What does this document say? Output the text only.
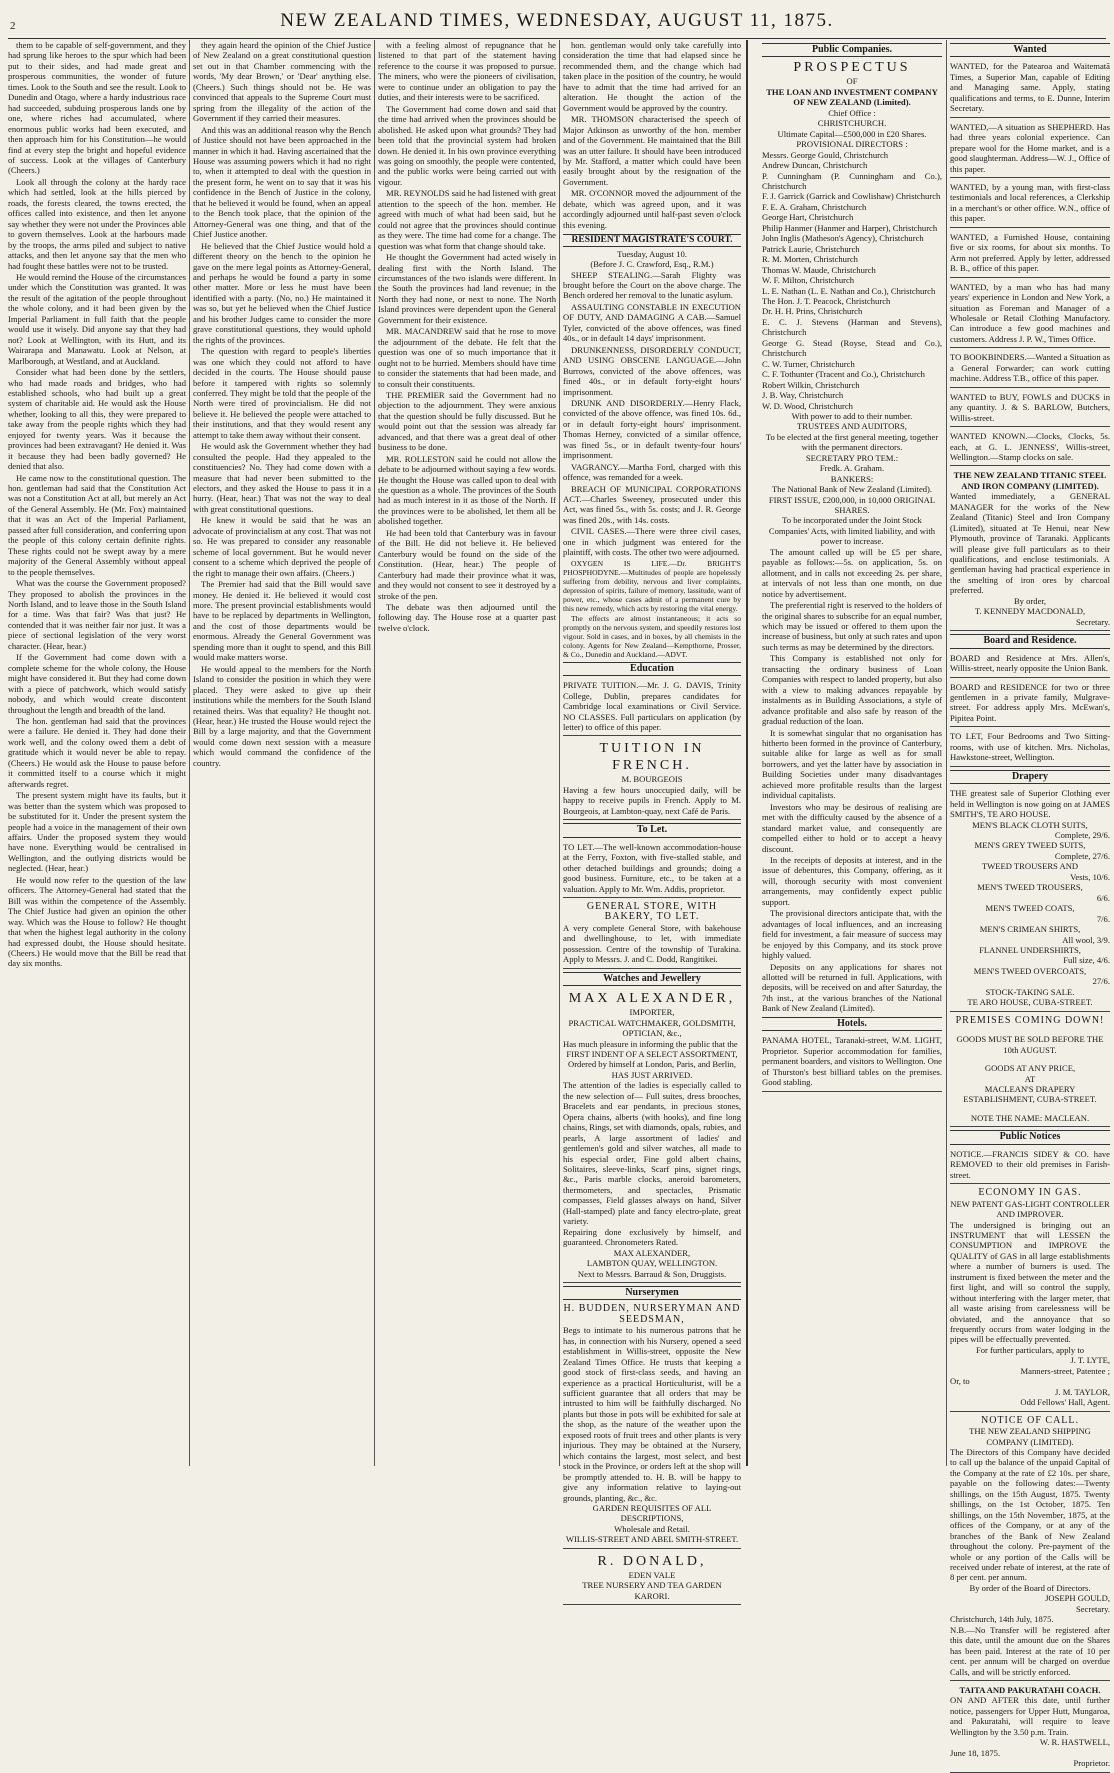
2	NEW ZEALAND TIMES, WEDNESDAY, AUGUST 11, 1875.

them to be capable of self-government, and they had sprung like heroes to the spur which had been put to their sides, and had made great and prosperous communities, the wonder of future times. Look to the South and see the result. Look to Dunedin and Otago, where a hardy industrious race had succeeded, subduing prosperous lands one by one, where riches had accumulated, where enormous public works had been executed, and then approach him for his Constitution—he would find at every step the bright and hopeful evidence of success. Look at the villages of Canterbury (Cheers.)

Look all through the colony at the hardy race which had settled, look at the hills pierced by roads, the forests cleared, the towns erected, the offices called into existence, and then let anyone say whether they were not under the Provinces able to govern themselves. Look at the harbours made by the troops, the arms piled and subject to native attacks, and then let anyone say that the men who had fought these battles were not to be trusted.

He would remind the House of the circumstances under which the Constitution was granted. It was the result of the agitation of the people throughout the whole colony, and it had been given by the Imperial Parliament in full faith that the people would use it wisely. Did anyone say that they had not? Look at Wellington, with its Hutt, and its Wairarapa and Manawatu. Look at Nelson, at Marlborough, at Westland, and at Auckland.

Consider what had been done by the settlers, who had made roads and bridges, who had established schools, who had built up a great system of charitable aid. He would ask the House whether, looking to all this, they were prepared to take away from the people rights which they had enjoyed for twenty years. Was it because the provinces had been extravagant? He denied it. Was it because they had been badly governed? He denied that also.

He came now to the constitutional question. The hon. gentleman had said that the Constitution Act was not a Constitution Act at all, but merely an Act of the General Assembly. He (Mr. Fox) maintained that it was an Act of the Imperial Parliament, passed after full consideration, and conferring upon the people of this colony certain definite rights. These rights could not be swept away by a mere majority of the General Assembly without appeal to the people themselves.

What was the course the Government proposed? They proposed to abolish the provinces in the North Island, and to leave those in the South Island for a time. Was that fair? Was that just? He contended that it was neither fair nor just. It was a piece of sectional legislation of the very worst character. (Hear, hear.)

If the Government had come down with a complete scheme for the whole colony, the House might have considered it. But they had come down with a piece of patchwork, which would satisfy nobody, and which would create discontent throughout the length and breadth of the land.

The hon. gentleman had said that the provinces were a failure. He denied it. They had done their work well, and the colony owed them a debt of gratitude which it would never be able to repay. (Cheers.) He would ask the House to pause before it committed itself to a course which it might afterwards regret.

The present system might have its faults, but it was better than the system which was proposed to be substituted for it. Under the present system the people had a voice in the management of their own affairs. Under the proposed system they would have none. Everything would be centralised in Wellington, and the outlying districts would be neglected. (Hear, hear.)

He would now refer to the question of the law officers. The Attorney-General had stated that the Bill was within the competence of the Assembly. The Chief Justice had given an opinion the other way. Which was the House to follow? He thought that when the highest legal authority in the colony had expressed doubt, the House should hesitate. (Cheers.) He would move that the Bill be read that day six months.

they again heard the opinion of the Chief Justice of New Zealand on a great constitutional question set out in that Chamber commencing with the words, 'My dear Brown,' or 'Dear' anything else. (Cheers.) Such things should not be. He was convinced that appeals to the Supreme Court must spring from the illegality of the action of the Government if they carried their measures.

And this was an additional reason why the Bench of Justice should not have been approached in the manner in which it had. Having ascertained that the House was assuming powers which it had no right to, when it attempted to deal with the question in the present form, he went on to say that it was his confidence in the Bench of Justice in the colony, that he believed it would be found, when an appeal to the Bench took place, that the opinion of the Attorney-General was one thing, and that of the Chief Justice another.

He believed that the Chief Justice would hold a different theory on the bench to the opinion he gave on the mere legal points as Attorney-General, and perhaps he would be found a party in some other matter. More or less he must have been identified with a party. (No, no.) He maintained it was so, but yet he believed when the Chief Justice and his brother Judges came to consider the more grave constitutional questions, they would uphold the rights of the provinces.

The question with regard to people's liberties was one which they could not afford to have decided in the courts. The House should pause before it tampered with rights so solemnly conferred. They might be told that the people of the North were tired of provincialism. He did not believe it. He believed the people were attached to their institutions, and that they would resent any attempt to take them away without their consent.

He would ask the Government whether they had consulted the people. Had they appealed to the constituencies? No. They had come down with a measure that had never been submitted to the electors, and they asked the House to pass it in a hurry. (Hear, hear.) That was not the way to deal with great constitutional questions.

He knew it would be said that he was an advocate of provincialism at any cost. That was not so. He was prepared to consider any reasonable scheme of local government. But he would never consent to a scheme which deprived the people of the right to manage their own affairs. (Cheers.)

The Premier had said that the Bill would save money. He denied it. He believed it would cost more. The present provincial establishments would have to be replaced by departments in Wellington, and the cost of those departments would be enormous. Already the General Government was spending more than it ought to spend, and this Bill would make matters worse.

He would appeal to the members for the North Island to consider the position in which they were placed. They were asked to give up their institutions while the members for the South Island retained theirs. Was that equality? He thought not. (Hear, hear.) He trusted the House would reject the Bill by a large majority, and that the Government would come down next session with a measure which would command the confidence of the country.

with a feeling almost of repugnance that he listened to that part of the statement having reference to the course it was proposed to pursue. The miners, who were the pioneers of civilisation, were to continue under an obligation to pay the duties, and their interests were to be sacrificed.

The Government had come down and said that the time had arrived when the provinces should be abolished. He asked upon what grounds? They had been told that the provincial system had broken down. He denied it. In his own province everything was going on smoothly, the people were contented, and the public works were being carried out with vigour.

MR. REYNOLDS said he had listened with great attention to the speech of the hon. member. He agreed with much of what had been said, but he could not agree that the provinces should continue as they were. The time had come for a change. The question was what form that change should take.

He thought the Government had acted wisely in dealing first with the North Island. The circumstances of the two islands were different. In the South the provinces had land revenue; in the North they had none, or next to none. The North Island provinces were dependent upon the General Government for their existence.

MR. MACANDREW said that he rose to move the adjournment of the debate. He felt that the question was one of so much importance that it ought not to be hurried. Members should have time to consider the statements that had been made, and to consult their constituents.

THE PREMIER said the Government had no objection to the adjournment. They were anxious that the question should be fully discussed. But he would point out that the session was already far advanced, and that there was a great deal of other business to be done.

MR. ROLLESTON said he could not allow the debate to be adjourned without saying a few words. He thought the House was called upon to deal with the question as a whole. The provinces of the South had as much interest in it as those of the North. If the provinces were to be abolished, let them all be abolished together.

He had been told that Canterbury was in favour of the Bill. He did not believe it. He believed Canterbury would be found on the side of the Constitution. (Hear, hear.) The people of Canterbury had made their province what it was, and they would not consent to see it destroyed by a stroke of the pen.

The debate was then adjourned until the following day. The House rose at a quarter past twelve o'clock.

hon. gentleman would only take carefully into consideration the time that had elapsed since he recommended them, and the change which had taken place in the position of the country, he would have to admit that the time had arrived for an alteration. He thought the action of the Government would be approved by the country.

MR. THOMSON characterised the speech of Major Atkinson as unworthy of the hon. member and of the Government. He maintained that the Bill was an utter failure. It should have been introduced by Mr. Stafford, a matter which could have been easily brought about by the resignation of the Government.

MR. O'CONNOR moved the adjournment of the debate, which was agreed upon, and it was accordingly adjourned until half-past seven o'clock this evening.

RESIDENT MAGISTRATE'S COURT.
Tuesday, August 10.
(Before J. C. Crawford, Esq., R.M.)

SHEEP STEALING.—Sarah Flighty was brought before the Court on the above charge. The Bench ordered her removal to the lunatic asylum.

ASSAULTING CONSTABLE IN EXECUTION OF DUTY, AND DAMAGING A CAB.—Samuel Tyler, convicted of the above offences, was fined 40s., or in default 14 days' imprisonment.

DRUNKENNESS, DISORDERLY CONDUCT, AND USING OBSCENE LANGUAGE.—John Burrows, convicted of the above offences, was fined 40s., or in default forty-eight hours' imprisonment.

DRUNK AND DISORDERLY.—Henry Flack, convicted of the above offence, was fined 10s. 6d., or in default forty-eight hours' imprisonment. Thomas Herney, convicted of a similar offence, was fined 5s., or in default twenty-four hours' imprisonment.

VAGRANCY.—Martha Ford, charged with this offence, was remanded for a week.

BREACH OF MUNICIPAL CORPORATIONS ACT.—Charles Sweeney, prosecuted under this Act, was fined 5s., with 5s. costs; and J. R. George was fined 20s., with 14s. costs.

CIVIL CASES.—There were three civil cases, one in which judgment was entered for the plaintiff, with costs. The other two were adjourned.

OXYGEN IS LIFE.—Dr. BRIGHT'S PHOSPHODYNE.—Multitudes of people are hopelessly suffering from debility, nervous and liver complaints, depression of spirits, failure of memory, lassitude, want of power, etc., whose cases admit of a permanent cure by this new remedy, which acts by restoring the vital energy.

The effects are almost instantaneous; it acts so promptly on the nervous system, and speedily restores lost vigour. Sold in cases, and in boxes, by all chemists in the colony. Agents for New Zealand—Kempthorne, Prosser, & Co., Dunedin and Auckland.—ADVT.

Education

PRIVATE TUITION.—Mr. J. G. DAVIS, Trinity College, Dublin, prepares candidates for Cambridge local examinations or Civil Service. NO CLASSES. Full particulars on application (by letter) to office of this paper.

TUITION IN FRENCH.
M. BOURGEOIS

Having a few hours unoccupied daily, will be happy to receive pupils in French. Apply to M. Bourgeois, at Lambton-quay, next Café de Paris.

To Let.

TO LET.—The well-known accommodation-house at the Ferry, Foxton, with five-stalled stable, and other detached buildings and grounds; doing a good business. Furniture, etc., to be taken at a valuation. Apply to Mr. Wm. Addis, proprietor.

GENERAL STORE, WITH BAKERY, TO LET.

A very complete General Store, with bakehouse and dwellinghouse, to let, with immediate possession. Centre of the township of Turakina. Apply to Messrs. J. and C. Dodd, Rangitikei.

Watches and Jewellery
MAX ALEXANDER,
IMPORTER,
PRACTICAL WATCHMAKER, GOLDSMITH, OPTICIAN, &c.,

Has much pleasure in informing the public that the

FIRST INDENT OF A SELECT ASSORTMENT,
Ordered by himself at London, Paris, and Berlin,
HAS JUST ARRIVED.

The attention of the ladies is especially called to the new selection of— Full suites, dress brooches, Bracelets and ear pendants, in precious stones, Opera chains, alberts (with hooks), and fine long chains, Rings, set with diamonds, opals, rubies, and pearls, A large assortment of ladies' and gentlemen's gold and silver watches, all made to his especial order, Fine gold albert chains, Solitaires, sleeve-links, Scarf pins, signet rings, &c., Paris marble clocks, aneroid barometers, thermometers, and spectacles, Prismatic compasses, Field glasses always on hand, Silver (Hall-stamped) plate and fancy electro-plate, great variety.

Repairing done exclusively by himself, and guaranteed. Chronometers Rated.

MAX ALEXANDER,
LAMBTON QUAY, WELLINGTON.
Next to Messrs. Barraud & Son, Druggists.
Nurserymen
H. BUDDEN, NURSERYMAN AND SEEDSMAN,

Begs to intimate to his numerous patrons that he has, in connection with his Nursery, opened a seed establishment in Willis-street, opposite the New Zealand Times Office. He trusts that keeping a good stock of first-class seeds, and having an experience as a practical Horticulturist, will be a sufficient guarantee that all orders that may be intrusted to him will be faithfully discharged. No plants but those in pots will be exhibited for sale at the shop, as the nature of the weather upon the exposed roots of fruit trees and other plants is very injurious. They may be obtained at the Nursery, which contains the largest, most select, and best stock in the Province, or orders left at the shop will be promptly attended to. H. B. will be happy to give any information relative to laying-out grounds, planting, &c., &c.

GARDEN REQUISITES OF ALL DESCRIPTIONS,
Wholesale and Retail.
WILLIS-STREET AND ABEL SMITH-STREET.
R. DONALD,
EDEN VALE
TREE NURSERY AND TEA GARDEN
KARORI.
Public Companies.
PROSPECTUS
OF
THE LOAN AND INVESTMENT COMPANY OF NEW ZEALAND (Limited).
Chief Office :
CHRISTCHURCH.
Ultimate Capital—£500,000 in £20 Shares.
PROVISIONAL DIRECTORS :
Messrs. George Gould, Christchurch
Andrew Duncan, Christchurch
P. Cunningham (P. Cunningham and Co.), Christchurch
F. J. Garrick (Garrick and Cowlishaw) Christchurch
F. E. A. Graham, Christchurch
George Hart, Christchurch
Philip Hanmer (Hanmer and Harper), Christchurch
John Inglis (Matheson's Agency), Christchurch
Patrick Laurie, Christchurch
R. M. Morten, Christchurch
Thomas W. Maude, Christchurch
W. F. Milton, Christchurch
L. E. Nathan (L. E. Nathan and Co.), Christchurch
The Hon. J. T. Peacock, Christchurch
Dr. H. H. Prins, Christchurch
E. C. J. Stevens (Harman and Stevens), Christchurch
George G. Stead (Royse, Stead and Co.), Christchurch
C. W. Turner, Christchurch
C. F. Tothunter (Tracent and Co.), Christchurch
Robert Wilkin, Christchurch
J. B. Way, Christchurch
W. D. Wood, Christchurch
With power to add to their number.
TRUSTEES AND AUDITORS,
To be elected at the first general meeting, together with the permanent directors.
SECRETARY PRO TEM.:
Fredk. A. Graham.
BANKERS:
The National Bank of New Zealand (Limited).
FIRST ISSUE, £200,000, in 10,000 ORIGINAL SHARES.
To be incorporated under the Joint Stock Companies' Acts, with limited liability, and with power to increase.

The amount called up will be £5 per share, payable as follows:—5s. on application, 5s. on allotment, and in calls not exceeding 2s. per share, at intervals of not less than one month, on due notice by advertisement.

The preferential right is reserved to the holders of the original shares to subscribe for an equal number, which may be issued or offered to them upon the increase of business, but only at such rates and upon such terms as may be determined by the directors.

This Company is established not only for transacting the ordinary business of Loan Companies with respect to landed property, but also with a view to making advances repayable by instalments as in Building Associations, a style of advance profitable and also safe by reason of the gradual reduction of the loan.

It is somewhat singular that no organisation has hitherto been formed in the province of Canterbury, suitable alike for large as well as for small borrowers, and yet the latter have by association in Building Societies under many disadvantages achieved more profitable results than the largest individual capitalists.

Investors who may be desirous of realising are met with the difficulty caused by the absence of a standard market value, and consequently are compelled either to hold or to accept a heavy discount.

In the receipts of deposits at interest, and in the issue of debentures, this Company, offering, as it will, thorough security with most convenient arrangements, may confidently expect public support.

The provisional directors anticipate that, with the advantages of local influences, and an increasing field for investment, a fair measure of success may be enjoyed by this Company, and its stock prove highly valued.

Deposits on any applications for shares not allotted will be returned in full. Applications, with deposits, will be received on and after Saturday, the 7th inst., at the various branches of the National Bank of New Zealand (Limited).

Hotels.

PANAMA HOTEL, Taranaki-street, W.M. LIGHT, Proprietor. Superior accommodation for families, permanent boarders, and visitors to Wellington. One of Thurston's best billiard tables on the premises. Good stabling.

Wanted

WANTED, for the Patearoa and Waitematā Times, a Superior Man, capable of Editing and Managing same. Apply, stating qualifications and terms, to E. Dunne, Interim Secretary.

WANTED,—A situation as SHEPHERD. Has had three years colonial experience. Can prepare wool for the Home market, and is a good slaughterman. Address—W. J., Office of this paper.

WANTED, by a young man, with first-class testimonials and local references, a Clerkship in a merchant's or other office. W.N., office of this paper.

WANTED, a Furnished House, containing five or six rooms, for about six months. To Arm not preferred. Apply by letter, addressed B. B., office of this paper.

WANTED, by a man who has had many years' experience in London and New York, a situation as Foreman and Manager of a Wholesale or Retail Clothing Manufactory. Can introduce a few good machines and customers. Address J. P. W., Times Office.

TO BOOKBINDERS.—Wanted a Situation as a General Forwarder; can work cutting machine. Address T.B., office of this paper.

WANTED to BUY, FOWLS and DUCKS in any quantity. J. & S. BARLOW, Butchers, Willis-street.

WANTED KNOWN.—Clocks, Clocks, 5s. each, at G. L. JENNESS', Willis-street, Wellington.—Stamp clocks on sale.

THE NEW ZEALAND TITANIC STEEL AND IRON COMPANY (LIMITED).

Wanted immediately, a GENERAL MANAGER for the works of the New Zealand (Titanic) Steel and Iron Company (Limited), situated at Te Henui, near New Plymouth, province of Taranaki. Applicants will please give full particulars as to their qualifications, and enclose testimonials. A gentleman having had practical experience in the smelting of iron ores by charcoal preferred.

By order,
T. KENNEDY MACDONALD,
Secretary.
Board and Residence.

BOARD and Residence at Mrs. Allen's, Willis-street, nearly opposite the Union Bank.

BOARD and RESIDENCE for two or three gentlemen in a private family, Mulgrave-street. For address apply Mrs. McEwan's, Pipitea Point.

TO LET, Four Bedrooms and Two Sitting-rooms, with use of kitchen. Mrs. Nicholas, Hawkstone-street, Wellington.

Drapery

THE greatest sale of Superior Clothing ever held in Wellington is now going on at JAMES SMITH'S, TE ARO HOUSE.

MEN'S BLACK CLOTH SUITS,
Complete, 29/6.
MEN'S GREY TWEED SUITS,
Complete, 27/6.
TWEED TROUSERS AND
Vests, 10/6.
MEN'S TWEED TROUSERS,
6/6.
MEN'S TWEED COATS,
7/6.
MEN'S CRIMEAN SHIRTS,
All wool, 3/9.
FLANNEL UNDERSHIRTS,
Full size, 4/6.
MEN'S TWEED OVERCOATS,
27/6.
STOCK-TAKING SALE.
TE ARO HOUSE, CUBA-STREET.
PREMISES COMING DOWN!
GOODS MUST BE SOLD BEFORE THE
10th AUGUST.
GOODS AT ANY PRICE,
AT
MACLEAN'S DRAPERY ESTABLISHMENT, CUBA-STREET.
NOTE THE NAME: MACLEAN.
Public Notices

NOTICE.—FRANCIS SIDEY & CO. have REMOVED to their old premises in Farish-street.

ECONOMY IN GAS.
NEW PATENT GAS-LIGHT CONTROLLER AND IMPROVER.

The undersigned is bringing out an INSTRUMENT that will LESSEN the CONSUMPTION and IMPROVE the QUALITY of GAS in all large establishments where a number of burners is used. The instrument is fixed between the meter and the first light, and will so control the supply, without interfering with the larger meter, that all waste arising from carelessness will be obviated, and the annoyance that so frequently occurs from water lodging in the pipes will be effectually prevented.

For further particulars, apply to
J. T. LYTE,
Manners-street, Patentee ;
Or, to
J. M. TAYLOR,
Odd Fellows' Hall, Agent.
NOTICE OF CALL.
THE NEW ZEALAND SHIPPING COMPANY (LIMITED).

The Directors of this Company have decided to call up the balance of the unpaid Capital of the Company at the rate of £2 10s. per share, payable on the following dates:—Twenty shillings, on the 15th August, 1875. Twenty shillings, on the 1st October, 1875. Ten shillings, on the 15th November, 1875, at the offices of the Company, or at any of the branches of the Bank of New Zealand throughout the colony. Pre-payment of the whole or any portion of the Calls will be received under rebate of interest, at the rate of 8 per cent. per annum.

By order of the Board of Directors.
JOSEPH GOULD,
Secretary.
Christchurch, 14th July, 1875.

N.B.—No Transfer will be registered after this date, until the amount due on the Shares has been paid. Interest at the rate of 10 per cent. per annum will be charged on overdue Calls, and will be strictly enforced.

TAITA AND PAKURATAHI COACH.

ON AND AFTER this date, until further notice, passengers for Upper Hutt, Mungaroa, and Pakuratahi, will require to leave Wellington by the 3.50 p.m. Train.

W. R. HASTWELL,
June 18, 1875.
Proprietor.
